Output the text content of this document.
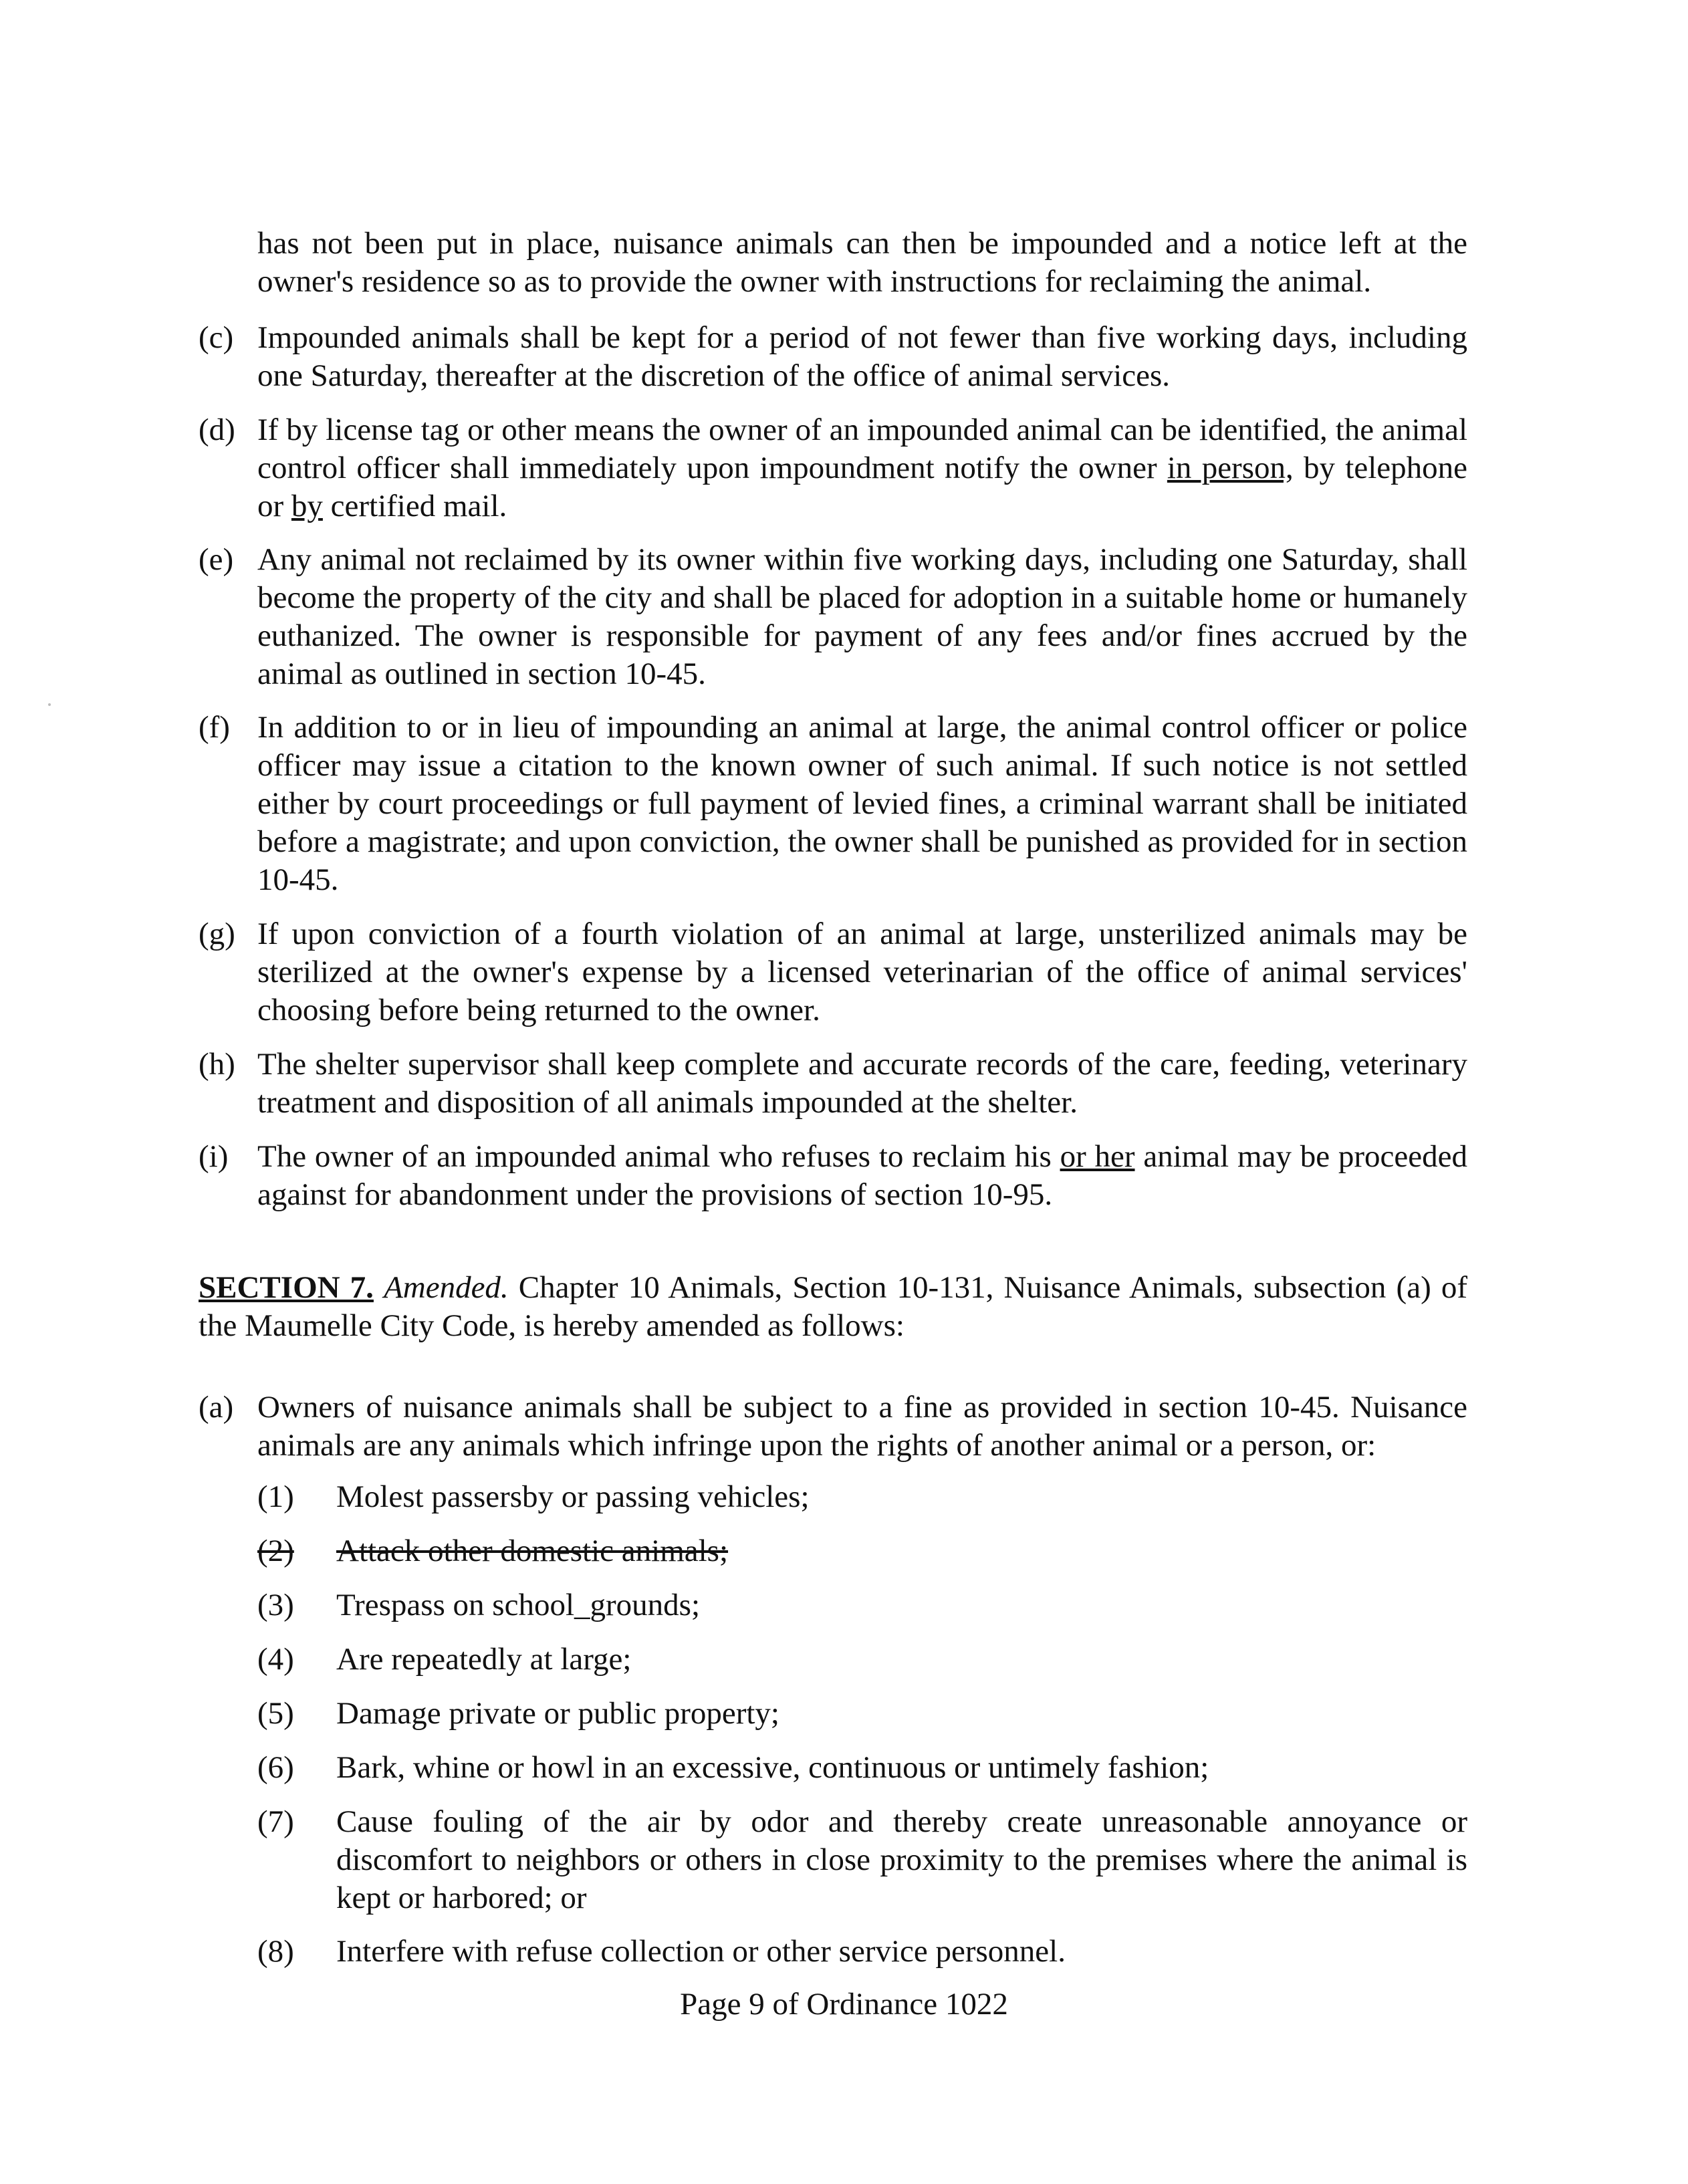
has not been put in place, nuisance animals can then be impounded and a notice left at the owner's residence so as to provide the owner with instructions for reclaiming the animal.
(c) Impounded animals shall be kept for a period of not fewer than five working days, including one Saturday, thereafter at the discretion of the office of animal services.
(d) If by license tag or other means the owner of an impounded animal can be identified, the animal control officer shall immediately upon impoundment notify the owner in person, by telephone or by certified mail.
(e) Any animal not reclaimed by its owner within five working days, including one Saturday, shall become the property of the city and shall be placed for adoption in a suitable home or humanely euthanized. The owner is responsible for payment of any fees and/or fines accrued by the animal as outlined in section 10-45.
(f) In addition to or in lieu of impounding an animal at large, the animal control officer or police officer may issue a citation to the known owner of such animal. If such notice is not settled either by court proceedings or full payment of levied fines, a criminal warrant shall be initiated before a magistrate; and upon conviction, the owner shall be punished as provided for in section 10-45.
(g) If upon conviction of a fourth violation of an animal at large, unsterilized animals may be sterilized at the owner's expense by a licensed veterinarian of the office of animal services' choosing before being returned to the owner.
(h) The shelter supervisor shall keep complete and accurate records of the care, feeding, veterinary treatment and disposition of all animals impounded at the shelter.
(i) The owner of an impounded animal who refuses to reclaim his or her animal may be proceeded against for abandonment under the provisions of section 10-95.
SECTION 7. Amended. Chapter 10 Animals, Section 10-131, Nuisance Animals, subsection (a) of the Maumelle City Code, is hereby amended as follows:
(a) Owners of nuisance animals shall be subject to a fine as provided in section 10-45. Nuisance animals are any animals which infringe upon the rights of another animal or a person, or:
(1)	Molest passersby or passing vehicles;
(2)	Attack other domestic animals;
(3)	Trespass on school_grounds;
(4)	Are repeatedly at large;
(5)	Damage private or public property;
(6)	Bark, whine or howl in an excessive, continuous or untimely fashion;
(7)	Cause fouling of the air by odor and thereby create unreasonable annoyance or discomfort to neighbors or others in close proximity to the premises where the animal is kept or harbored; or
(8)	Interfere with refuse collection or other service personnel.
Page 9 of Ordinance 1022
